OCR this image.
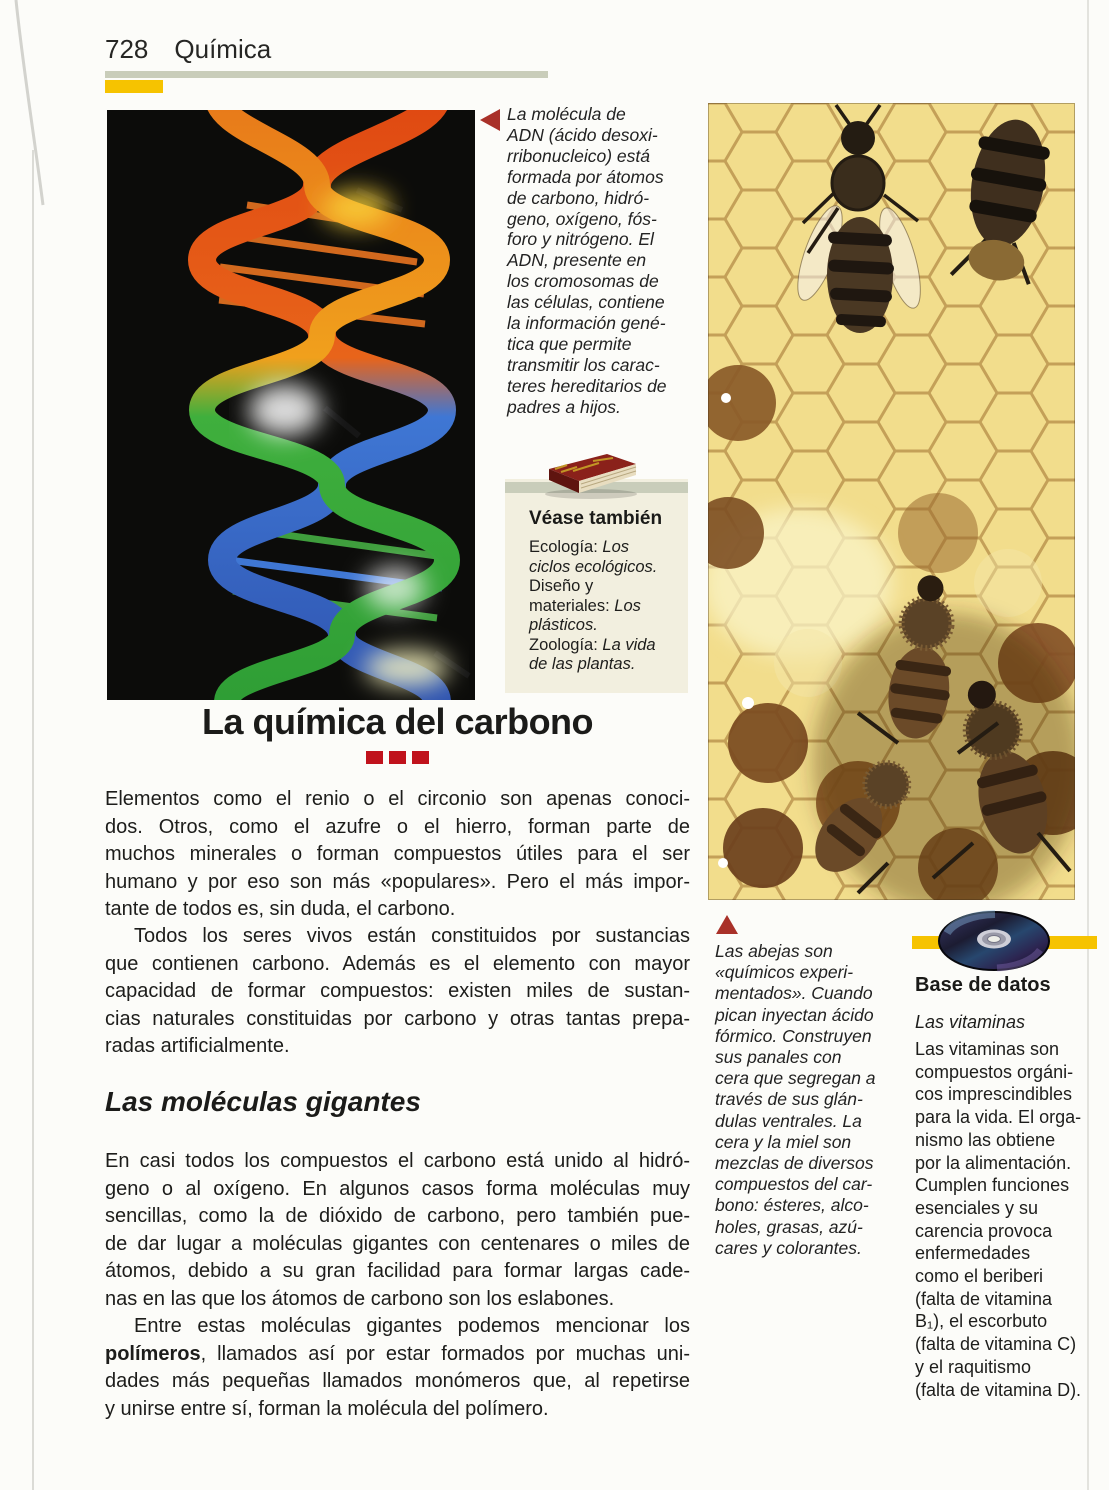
728 Química
La molécula de
ADN (ácido desoxi-
rribonucleico) está
formada por átomos
de carbono, hidró-
geno, oxígeno, fós-
foro y nitrógeno. El
ADN, presente en
los cromosomas de
las células, contiene
la información gené-
tica que permite
transmitir los carac-
teres hereditarios de
padres a hijos.
Véase también
Ecología: Los
ciclos ecológicos.
Diseño y
materiales: Los
plásticos.
Zoología: La vida
de las plantas.
La química del carbono
Elementos como el renio o el circonio son apenas conoci-
dos. Otros, como el azufre o el hierro, forman parte de
muchos minerales o forman compuestos útiles para el ser
humano y por eso son más «populares». Pero el más impor-
tante de todos es, sin duda, el carbono.
Todos los seres vivos están constituidos por sustancias
que contienen carbono. Además es el elemento con mayor
capacidad de formar compuestos: existen miles de sustan-
cias naturales constituidas por carbono y otras tantas prepa-
radas artificialmente.
Las moléculas gigantes
En casi todos los compuestos el carbono está unido al hidró-
geno o al oxígeno. En algunos casos forma moléculas muy
sencillas, como la de dióxido de carbono, pero también pue-
de dar lugar a moléculas gigantes con centenares o miles de
átomos, debido a su gran facilidad para formar largas cade-
nas en las que los átomos de carbono son los eslabones.
Entre estas moléculas gigantes podemos mencionar los
polímeros, llamados así por estar formados por muchas uni-
dades más pequeñas llamados monómeros que, al repetirse
y unirse entre sí, forman la molécula del polímero.
Las abejas son
«químicos experi-
mentados». Cuando
pican inyectan ácido
fórmico. Construyen
sus panales con
cera que segregan a
través de sus glán-
dulas ventrales. La
cera y la miel son
mezclas de diversos
compuestos del car-
bono: ésteres, alco-
holes, grasas, azú-
cares y colorantes.
Base de datos
Las vitaminas
Las vitaminas son
compuestos orgáni-
cos imprescindibles
para la vida. El orga-
nismo las obtiene
por la alimentación.
Cumplen funciones
esenciales y su
carencia provoca
enfermedades
como el beriberi
(falta de vitamina
B₁), el escorbuto
(falta de vitamina C)
y el raquitismo
(falta de vitamina D).
